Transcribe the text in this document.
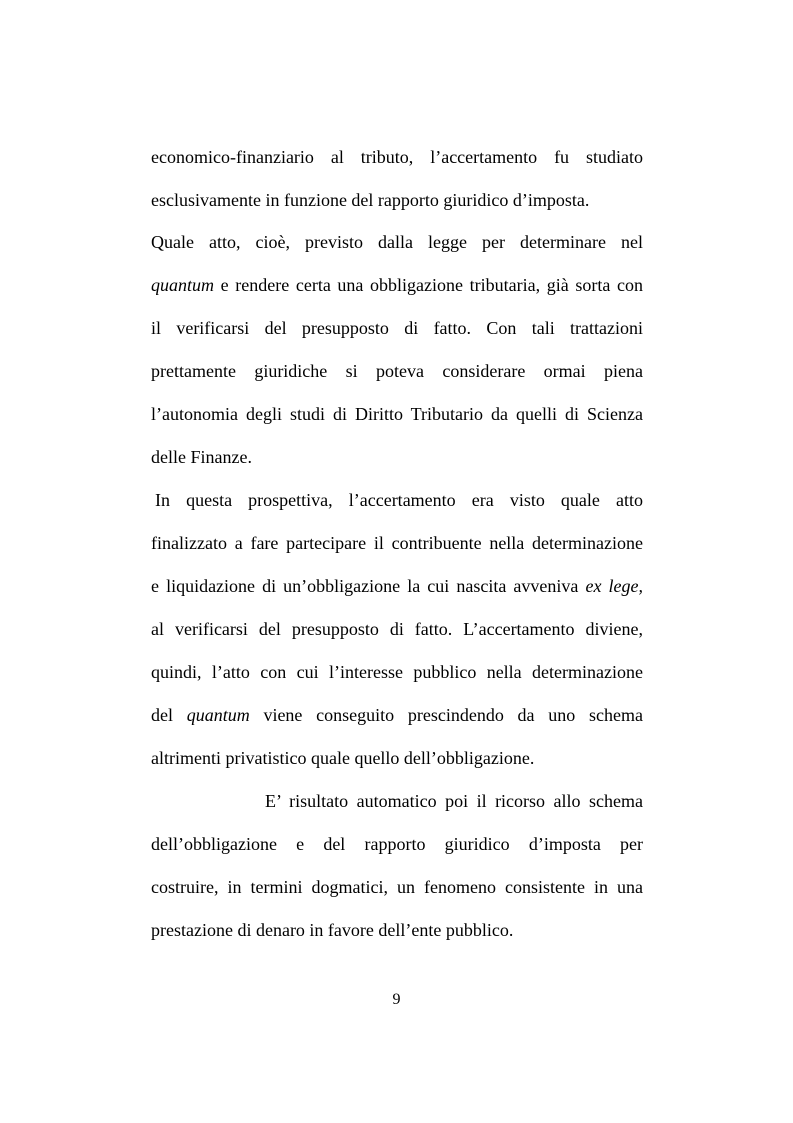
economico-finanziario al tributo, l’accertamento fu studiato
esclusivamente in funzione del rapporto giuridico d’imposta.
Quale atto, cioè, previsto dalla legge per determinare nel
quantum e rendere certa una obbligazione tributaria, già sorta con
il verificarsi del presupposto di fatto. Con tali trattazioni
prettamente giuridiche si poteva considerare ormai piena
l’autonomia degli studi di Diritto Tributario da quelli di Scienza
delle Finanze.
In questa prospettiva, l’accertamento era visto quale atto
finalizzato a fare partecipare il contribuente nella determinazione
e liquidazione di un’obbligazione la cui nascita avveniva ex lege,
al verificarsi del presupposto di fatto. L’accertamento diviene,
quindi, l’atto con cui l’interesse pubblico nella determinazione
del quantum viene conseguito prescindendo da uno schema
altrimenti privatistico quale quello dell’obbligazione.
E’ risultato automatico poi il ricorso allo schema
dell’obbligazione e del rapporto giuridico d’imposta per
costruire, in termini dogmatici, un fenomeno consistente in una
prestazione di denaro in favore dell’ente pubblico.
9
